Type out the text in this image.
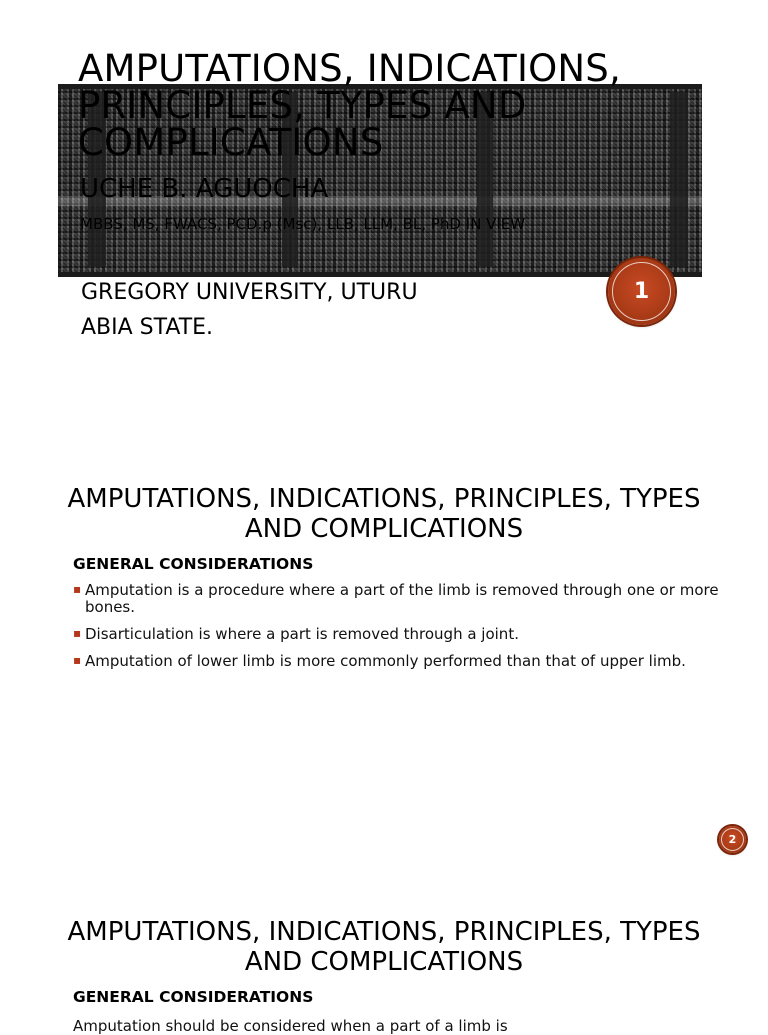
AMPUTATIONS, INDICATIONS, PRINCIPLES, TYPES AND COMPLICATIONS
UCHE B. AGUOCHA
MBBS, MS, FWACS, PCD.p (Msc), LLB, LLM, BL, PhD IN VIEW
GREGORY UNIVERSITY, UTURU
ABIA STATE.
1
AMPUTATIONS, INDICATIONS, PRINCIPLES, TYPES AND COMPLICATIONS
GENERAL CONSIDERATIONS
▪ Amputation is a procedure where a part of the limb is removed through one or more bones.
▪ Disarticulation is where a part is removed through a joint.
▪ Amputation of lower limb is more commonly performed than that of upper limb.
2
AMPUTATIONS, INDICATIONS, PRINCIPLES, TYPES AND COMPLICATIONS
GENERAL CONSIDERATIONS
Amputation should be considered when a part of a limb is
